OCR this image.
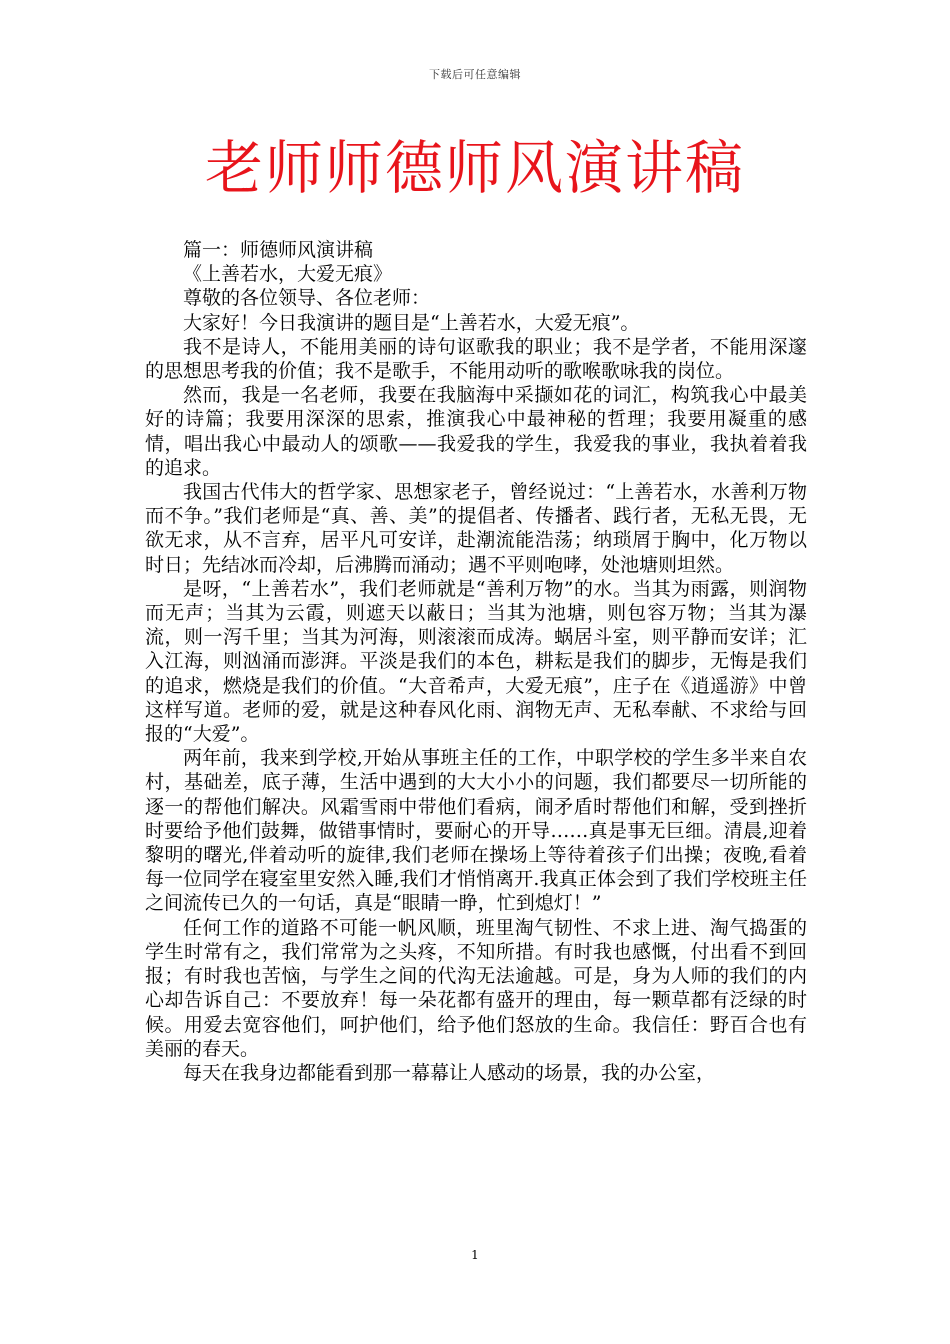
下载后可任意编辑
老师师德师风演讲稿

篇一：师德师风演讲稿

《上善若水，大爱无痕》

尊敬的各位领导、各位老师：

大家好！今日我演讲的题目是“上善若水，大爱无痕”。

我不是诗人，不能用美丽的诗句讴歌我的职业；我不是学者，不能用深邃的思想思考我的价值；我不是歌手，不能用动听的歌喉歌咏我的岗位。

然而，我是一名老师，我要在我脑海中采撷如花的词汇，构筑我心中最美好的诗篇；我要用深深的思索，推演我心中最神秘的哲理；我要用凝重的感情，唱出我心中最动人的颂歌——我爱我的学生，我爱我的事业，我执着着我的追求。

我国古代伟大的哲学家、思想家老子，曾经说过：“上善若水，水善利万物而不争。”我们老师是“真、善、美”的提倡者、传播者、践行者，无私无畏，无欲无求，从不言弃，居平凡可安详，赴潮流能浩荡；纳琐屑于胸中，化万物以时日；先结冰而冷却，后沸腾而涌动；遇不平则咆哮，处池塘则坦然。

是呀，“上善若水”，我们老师就是“善利万物”的水。当其为雨露，则润物而无声；当其为云霞，则遮天以蔽日；当其为池塘，则包容万物；当其为瀑流，则一泻千里；当其为河海，则滚滚而成涛。蜗居斗室，则平静而安详；汇入江海，则汹涌而澎湃。平淡是我们的本色，耕耘是我们的脚步，无悔是我们的追求，燃烧是我们的价值。“大音希声，大爱无痕”，庄子在《逍遥游》中曾这样写道。老师的爱，就是这种春风化雨、润物无声、无私奉献、不求给与回报的“大爱”。

两年前，我来到学校,开始从事班主任的工作，中职学校的学生多半来自农村，基础差，底子薄，生活中遇到的大大小小的问题，我们都要尽一切所能的逐一的帮他们解决。风霜雪雨中带他们看病，闹矛盾时帮他们和解，受到挫折时要给予他们鼓舞，做错事情时，要耐心的开导……真是事无巨细。清晨,迎着黎明的曙光,伴着动听的旋律,我们老师在操场上等待着孩子们出操；夜晚,看着每一位同学在寝室里安然入睡,我们才悄悄离开.我真正体会到了我们学校班主任之间流传已久的一句话，真是“眼睛一睁，忙到熄灯！”

任何工作的道路不可能一帆风顺，班里淘气韧性、不求上进、淘气捣蛋的学生时常有之，我们常常为之头疼，不知所措。有时我也感慨，付出看不到回报；有时我也苦恼，与学生之间的代沟无法逾越。可是，身为人师的我们的内心却告诉自己：不要放弃！每一朵花都有盛开的理由，每一颗草都有泛绿的时候。用爱去宽容他们，呵护他们，给予他们怒放的生命。我信任：野百合也有美丽的春天。

每天在我身边都能看到那一幕幕让人感动的场景，我的办公室，

1
